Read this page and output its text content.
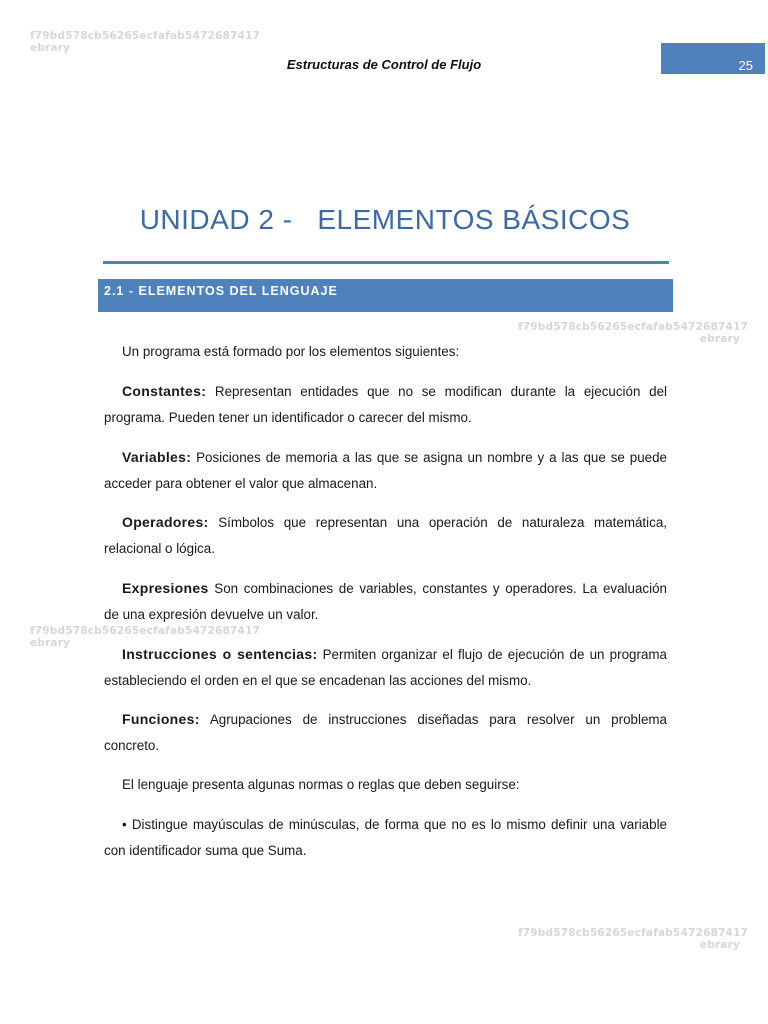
f79bd578cb56265ecfafab5472687417
ebrary
f79bd578cb56265ecfafab5472687417
ebrary
f79bd578cb56265ecfafab5472687417
ebrary
f79bd578cb56265ecfafab5472687417
ebrary
Estructuras de Control de Flujo	25
UNIDAD 2 -   ELEMENTOS BÁSICOS
2.1 - ELEMENTOS DEL LENGUAJE
Un programa está formado por los elementos siguientes:
Constantes: Representan entidades que no se modifican durante la ejecución del programa. Pueden tener un identificador o carecer del mismo.
Variables: Posiciones de memoria a las que se asigna un nombre y a las que se puede acceder para obtener el valor que almacenan.
Operadores: Símbolos que representan una operación de naturaleza matemática, relacional o lógica.
Expresiones Son combinaciones de variables, constantes y operadores. La evaluación de una expresión devuelve un valor.
Instrucciones o sentencias: Permiten organizar el flujo de ejecución de un programa estableciendo el orden en el que se encadenan las acciones del mismo.
Funciones: Agrupaciones de instrucciones diseñadas para resolver un problema concreto.
El lenguaje presenta algunas normas o reglas que deben seguirse:
• Distingue mayúsculas de minúsculas, de forma que no es lo mismo definir una variable con identificador suma que Suma.
